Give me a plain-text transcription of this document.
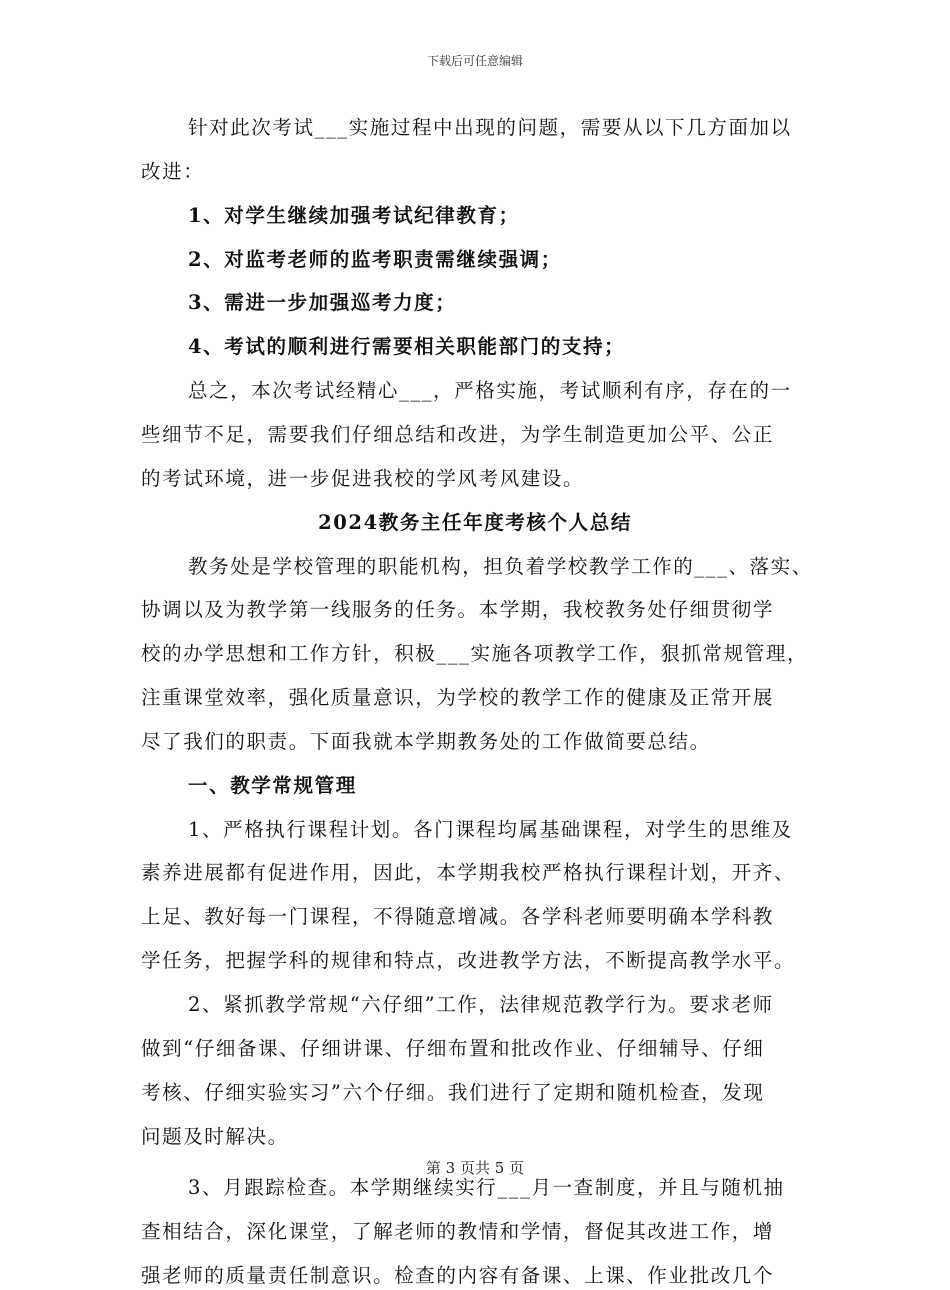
下载后可任意编辑
针对此次考试___实施过程中出现的问题，需要从以下几方面加以
改进：
1、对学生继续加强考试纪律教育；
2、对监考老师的监考职责需继续强调；
3、需进一步加强巡考力度；
4、考试的顺利进行需要相关职能部门的支持；
总之，本次考试经精心___，严格实施，考试顺利有序，存在的一
些细节不足，需要我们仔细总结和改进，为学生制造更加公平、公正
的考试环境，进一步促进我校的学风考风建设。
2024教务主任年度考核个人总结
教务处是学校管理的职能机构，担负着学校教学工作的___、落实、
协调以及为教学第一线服务的任务。本学期，我校教务处仔细贯彻学
校的办学思想和工作方针，积极___实施各项教学工作，狠抓常规管理，
注重课堂效率，强化质量意识，为学校的教学工作的健康及正常开展
尽了我们的职责。下面我就本学期教务处的工作做简要总结。
一、教学常规管理
1、严格执行课程计划。各门课程均属基础课程，对学生的思维及
素养进展都有促进作用，因此，本学期我校严格执行课程计划，开齐、
上足、教好每一门课程，不得随意增减。各学科老师要明确本学科教
学任务，把握学科的规律和特点，改进教学方法，不断提高教学水平。
2、紧抓教学常规“六仔细”工作，法律规范教学行为。要求老师
做到“仔细备课、仔细讲课、仔细布置和批改作业、仔细辅导、仔细
考核、仔细实验实习”六个仔细。我们进行了定期和随机检查，发现
问题及时解决。
3、月跟踪检查。本学期继续实行___月一查制度，并且与随机抽
查相结合，深化课堂，了解老师的教情和学情，督促其改进工作，增
强老师的质量责任制意识。检查的内容有备课、上课、作业批改几个
第 3 页共 5 页
